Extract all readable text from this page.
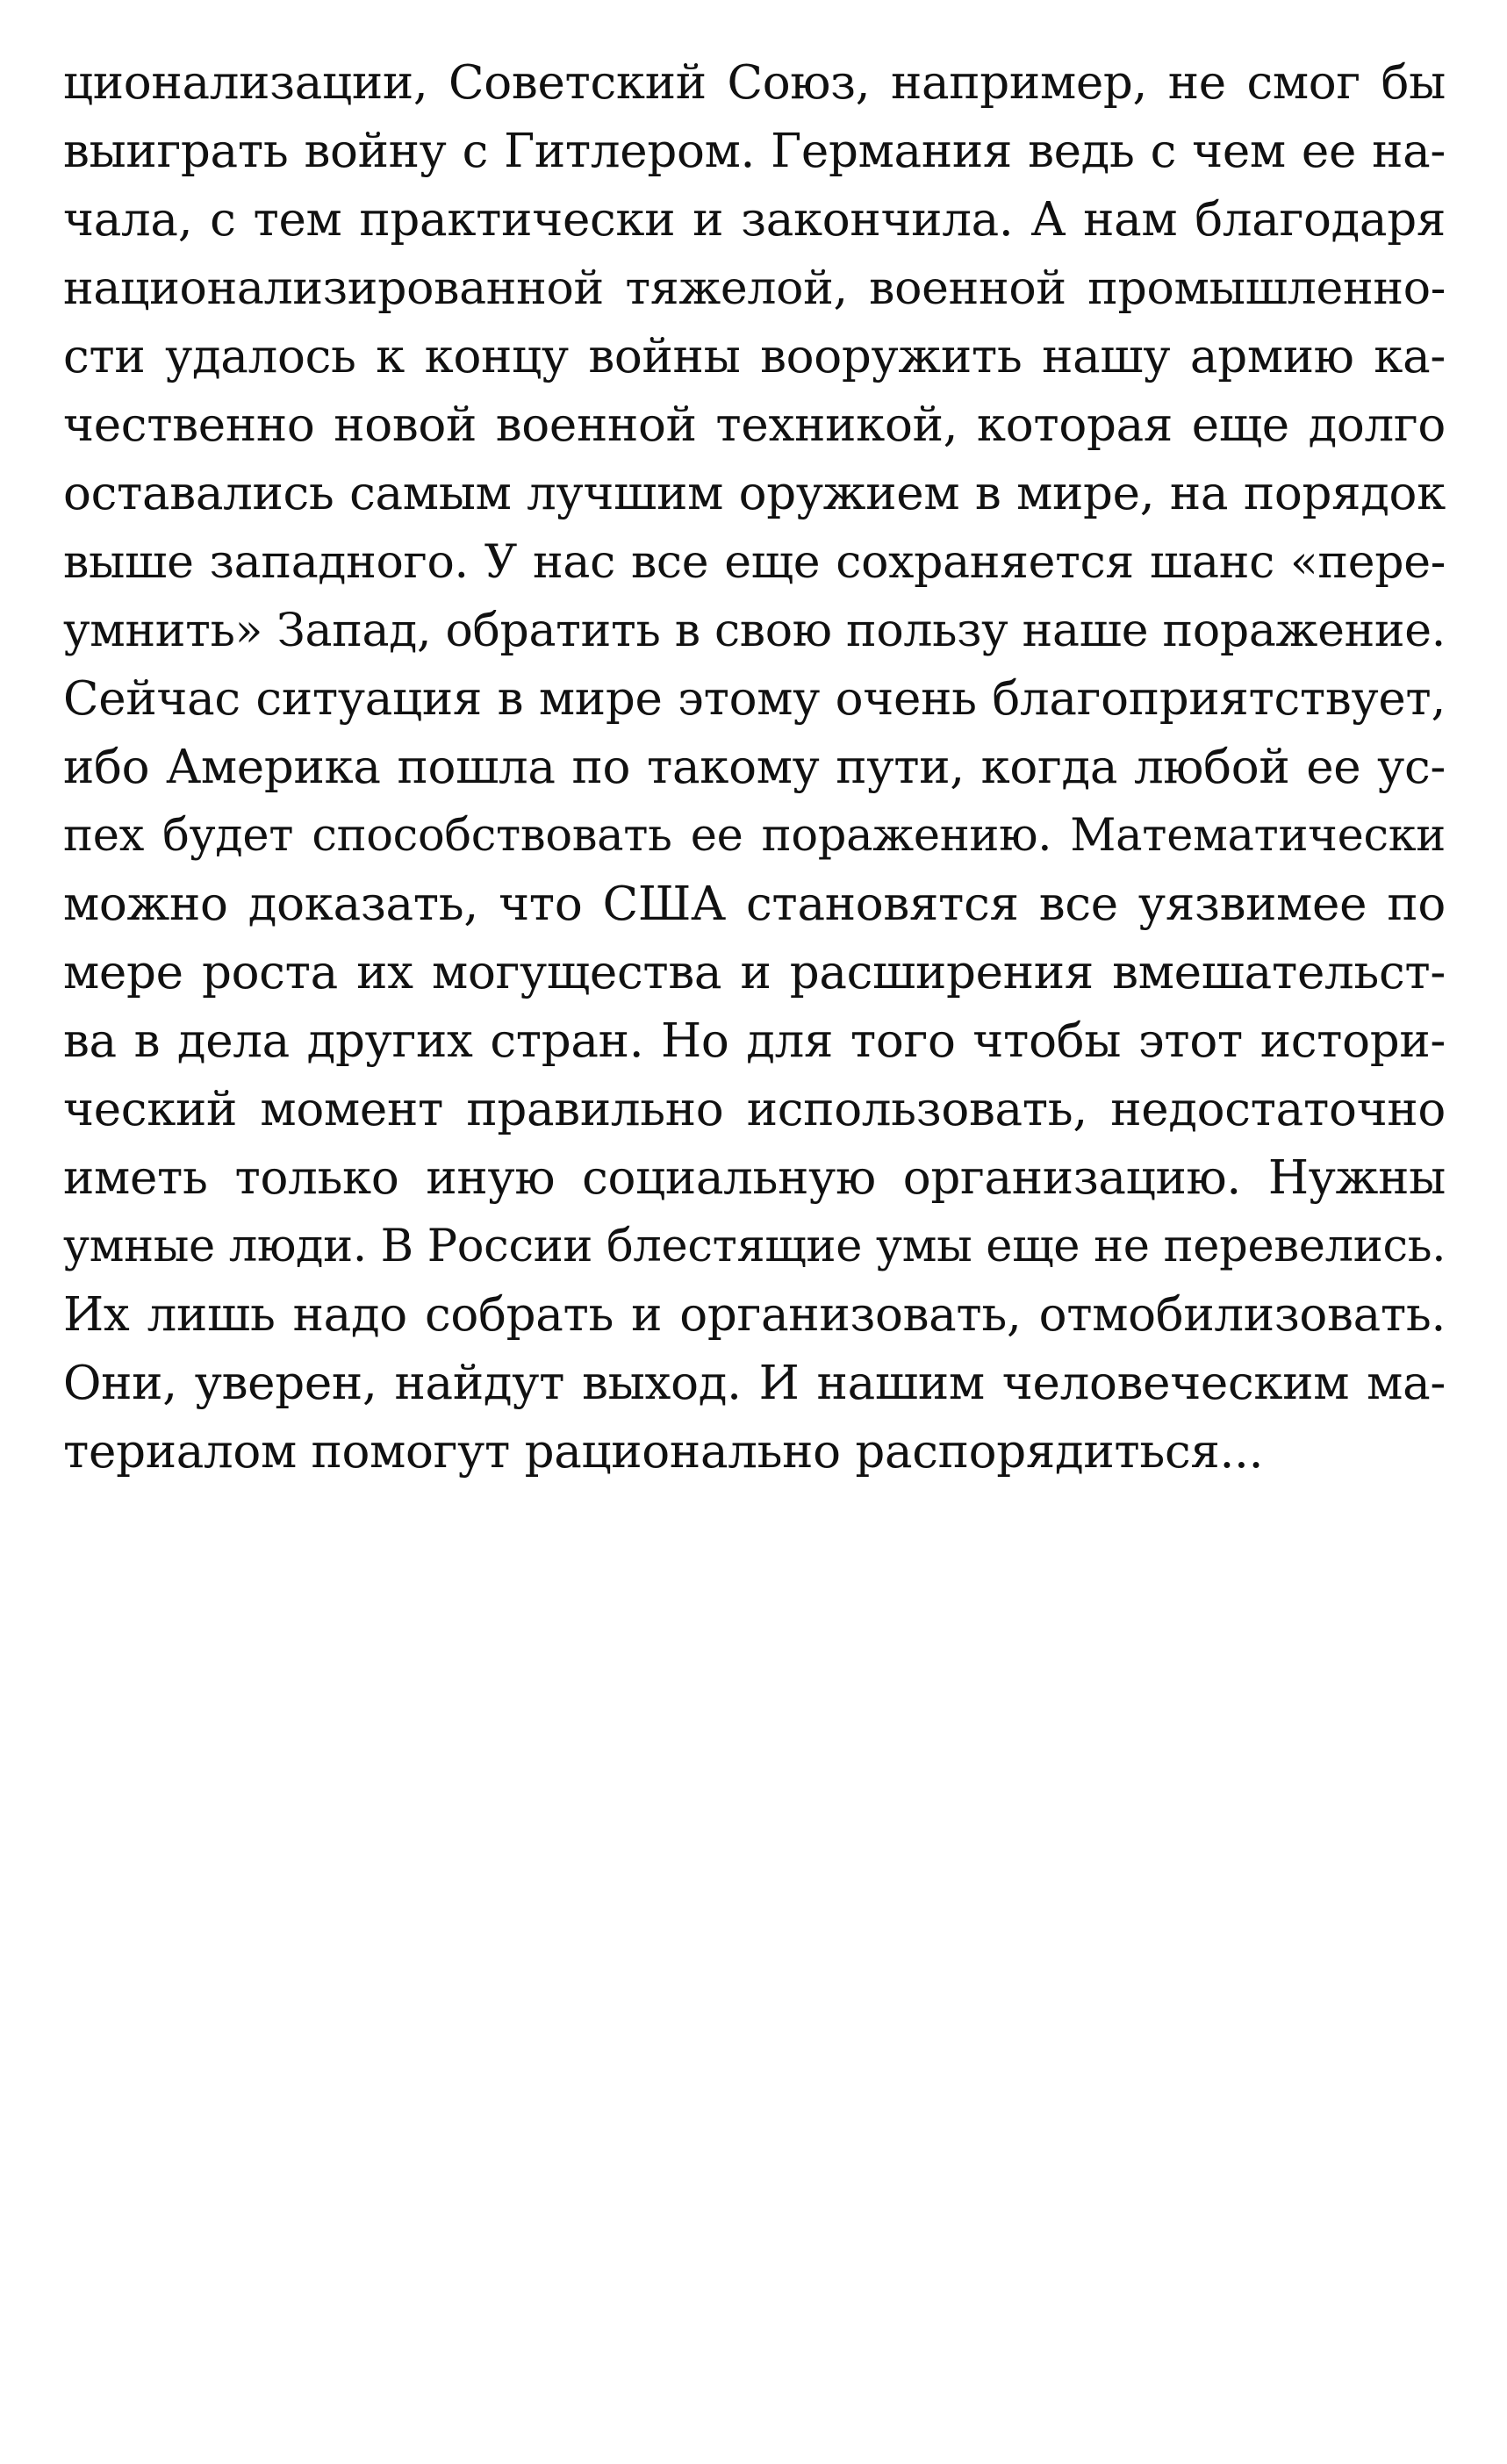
ционализации, Советский Союз, например, не смог бы
выиграть войну с Гитлером. Германия ведь с чем ее на-
чала, с тем практически и закончила. А нам благодаря
национализированной тяжелой, военной промышленно-
сти удалось к концу войны вооружить нашу армию ка-
чественно новой военной техникой, которая еще долго
оставались самым лучшим оружием в мире, на порядок
выше западного. У нас все еще сохраняется шанс «пере-
умнить» Запад, обратить в свою пользу наше поражение.
Сейчас ситуация в мире этому очень благоприятствует,
ибо Америка пошла по такому пути, когда любой ее ус-
пех будет способствовать ее поражению. Математически
можно доказать, что США становятся все уязвимее по
мере роста их могущества и расширения вмешательст-
ва в дела других стран. Но для того чтобы этот истори-
ческий момент правильно использовать, недостаточно
иметь только иную социальную организацию. Нужны
умные люди. В России блестящие умы еще не перевелись.
Их лишь надо собрать и организовать, отмобилизовать.
Они, уверен, найдут выход. И нашим человеческим ма-
териалом помогут рационально распорядиться...
